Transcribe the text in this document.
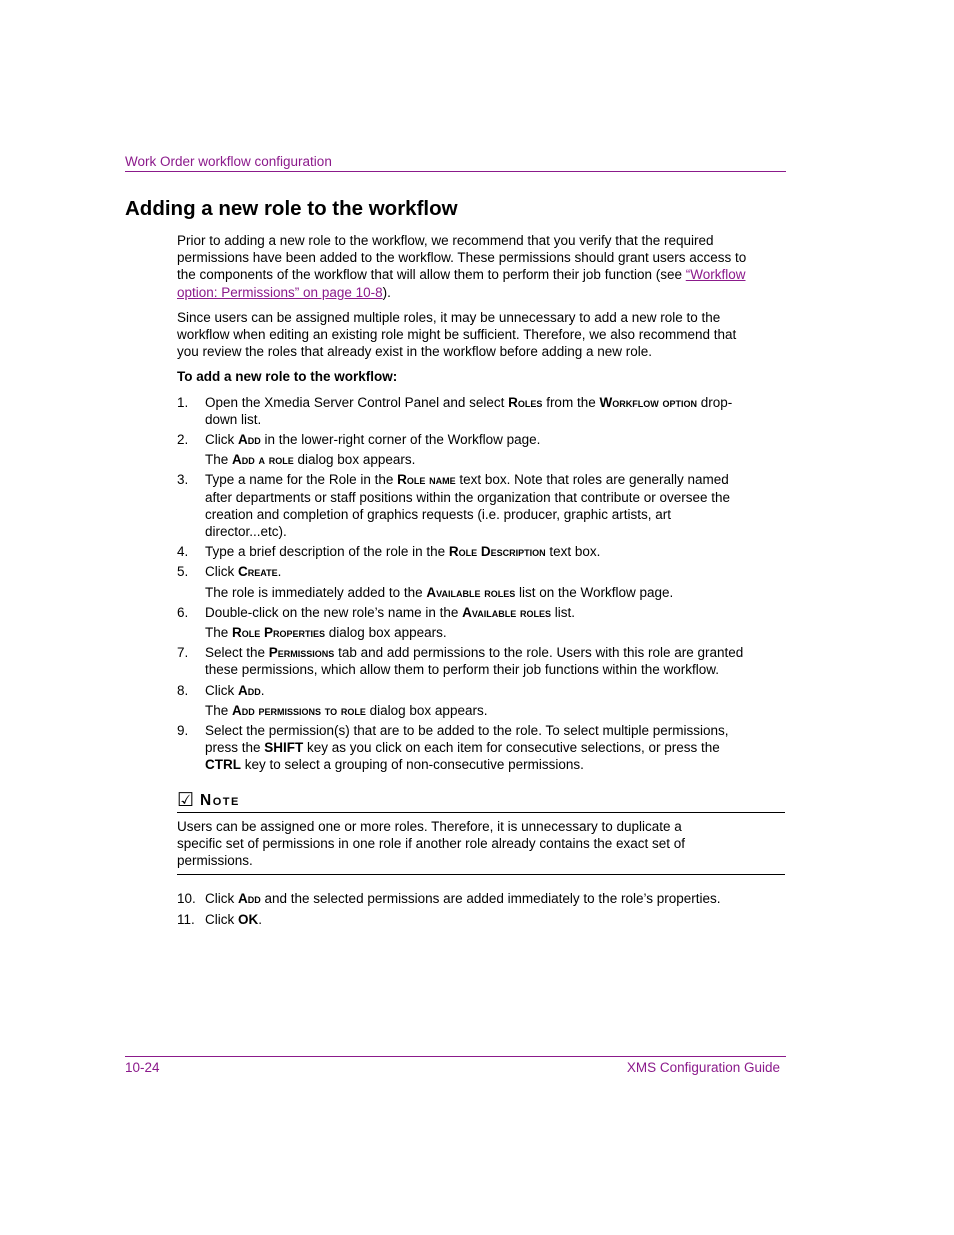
Work Order workflow configuration
Adding a new role to the workflow

Prior to adding a new role to the workflow, we recommend that you verify that the required permissions have been added to the workflow. These permissions should grant users access to the components of the workflow that will allow them to perform their job function (see “Workflow option: Permissions” on page 10-8).

Since users can be assigned multiple roles, it may be unnecessary to add a new role to the workflow when editing an existing role might be sufficient. Therefore, we also recommend that you review the roles that already exist in the workflow before adding a new role.

To add a new role to the workflow:

1. Open the Xmedia Server Control Panel and select Roles from the Workflow option drop-down list.
2. Click Add in the lower-right corner of the Workflow page.
The Add a role dialog box appears.
3. Type a name for the Role in the Role name text box. Note that roles are generally named after departments or staff positions within the organization that contribute or oversee the creation and completion of graphics requests (i.e. producer, graphic artists, art director...etc).
4. Type a brief description of the role in the Role Description text box.
5. Click Create.
The role is immediately added to the Available roles list on the Workflow page.
6. Double-click on the new role’s name in the Available roles list.
The Role Properties dialog box appears.
7. Select the Permissions tab and add permissions to the role. Users with this role are granted these permissions, which allow them to perform their job functions within the workflow.
8. Click Add.
The Add permissions to role dialog box appears.
9. Select the permission(s) that are to be added to the role. To select multiple permissions, press the SHIFT key as you click on each item for consecutive selections, or press the CTRL key to select a grouping of non-consecutive permissions.
☑ Note

Users can be assigned one or more roles. Therefore, it is unnecessary to duplicate a specific set of permissions in one role if another role already contains the exact set of permissions.

10. Click Add and the selected permissions are added immediately to the role’s properties.
11. Click OK.
10-24	XMS Configuration Guide
